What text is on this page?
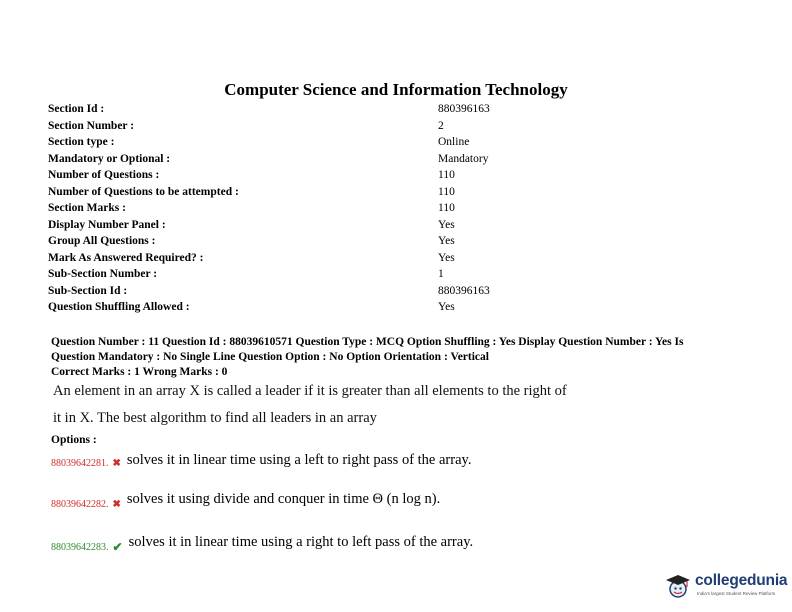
Computer Science and Information Technology
Section Id :	880396163
Section Number :	2
Section type :	Online
Mandatory or Optional :	Mandatory
Number of Questions :	110
Number of Questions to be attempted :	110
Section Marks :	110
Display Number Panel :	Yes
Group All Questions :	Yes
Mark As Answered Required? :	Yes
Sub-Section Number :	1
Sub-Section Id :	880396163
Question Shuffling Allowed :	Yes
Question Number : 11 Question Id : 88039610571 Question Type : MCQ Option Shuffling : Yes Display Question Number : Yes Is
Question Mandatory : No Single Line Question Option : No Option Orientation : Vertical
Correct Marks : 1 Wrong Marks : 0
An element in an array X is called a leader if it is greater than all elements to the right of
it in X. The best algorithm to find all leaders in an array
Options :
88039642281. ✖ solves it in linear time using a left to right pass of the array.
88039642282. ✖ solves it using divide and conquer in time Θ (n log n).
88039642283. ✔ solves it in linear time using a right to left pass of the array.
collegedunia
India's largest Student Review Platform
